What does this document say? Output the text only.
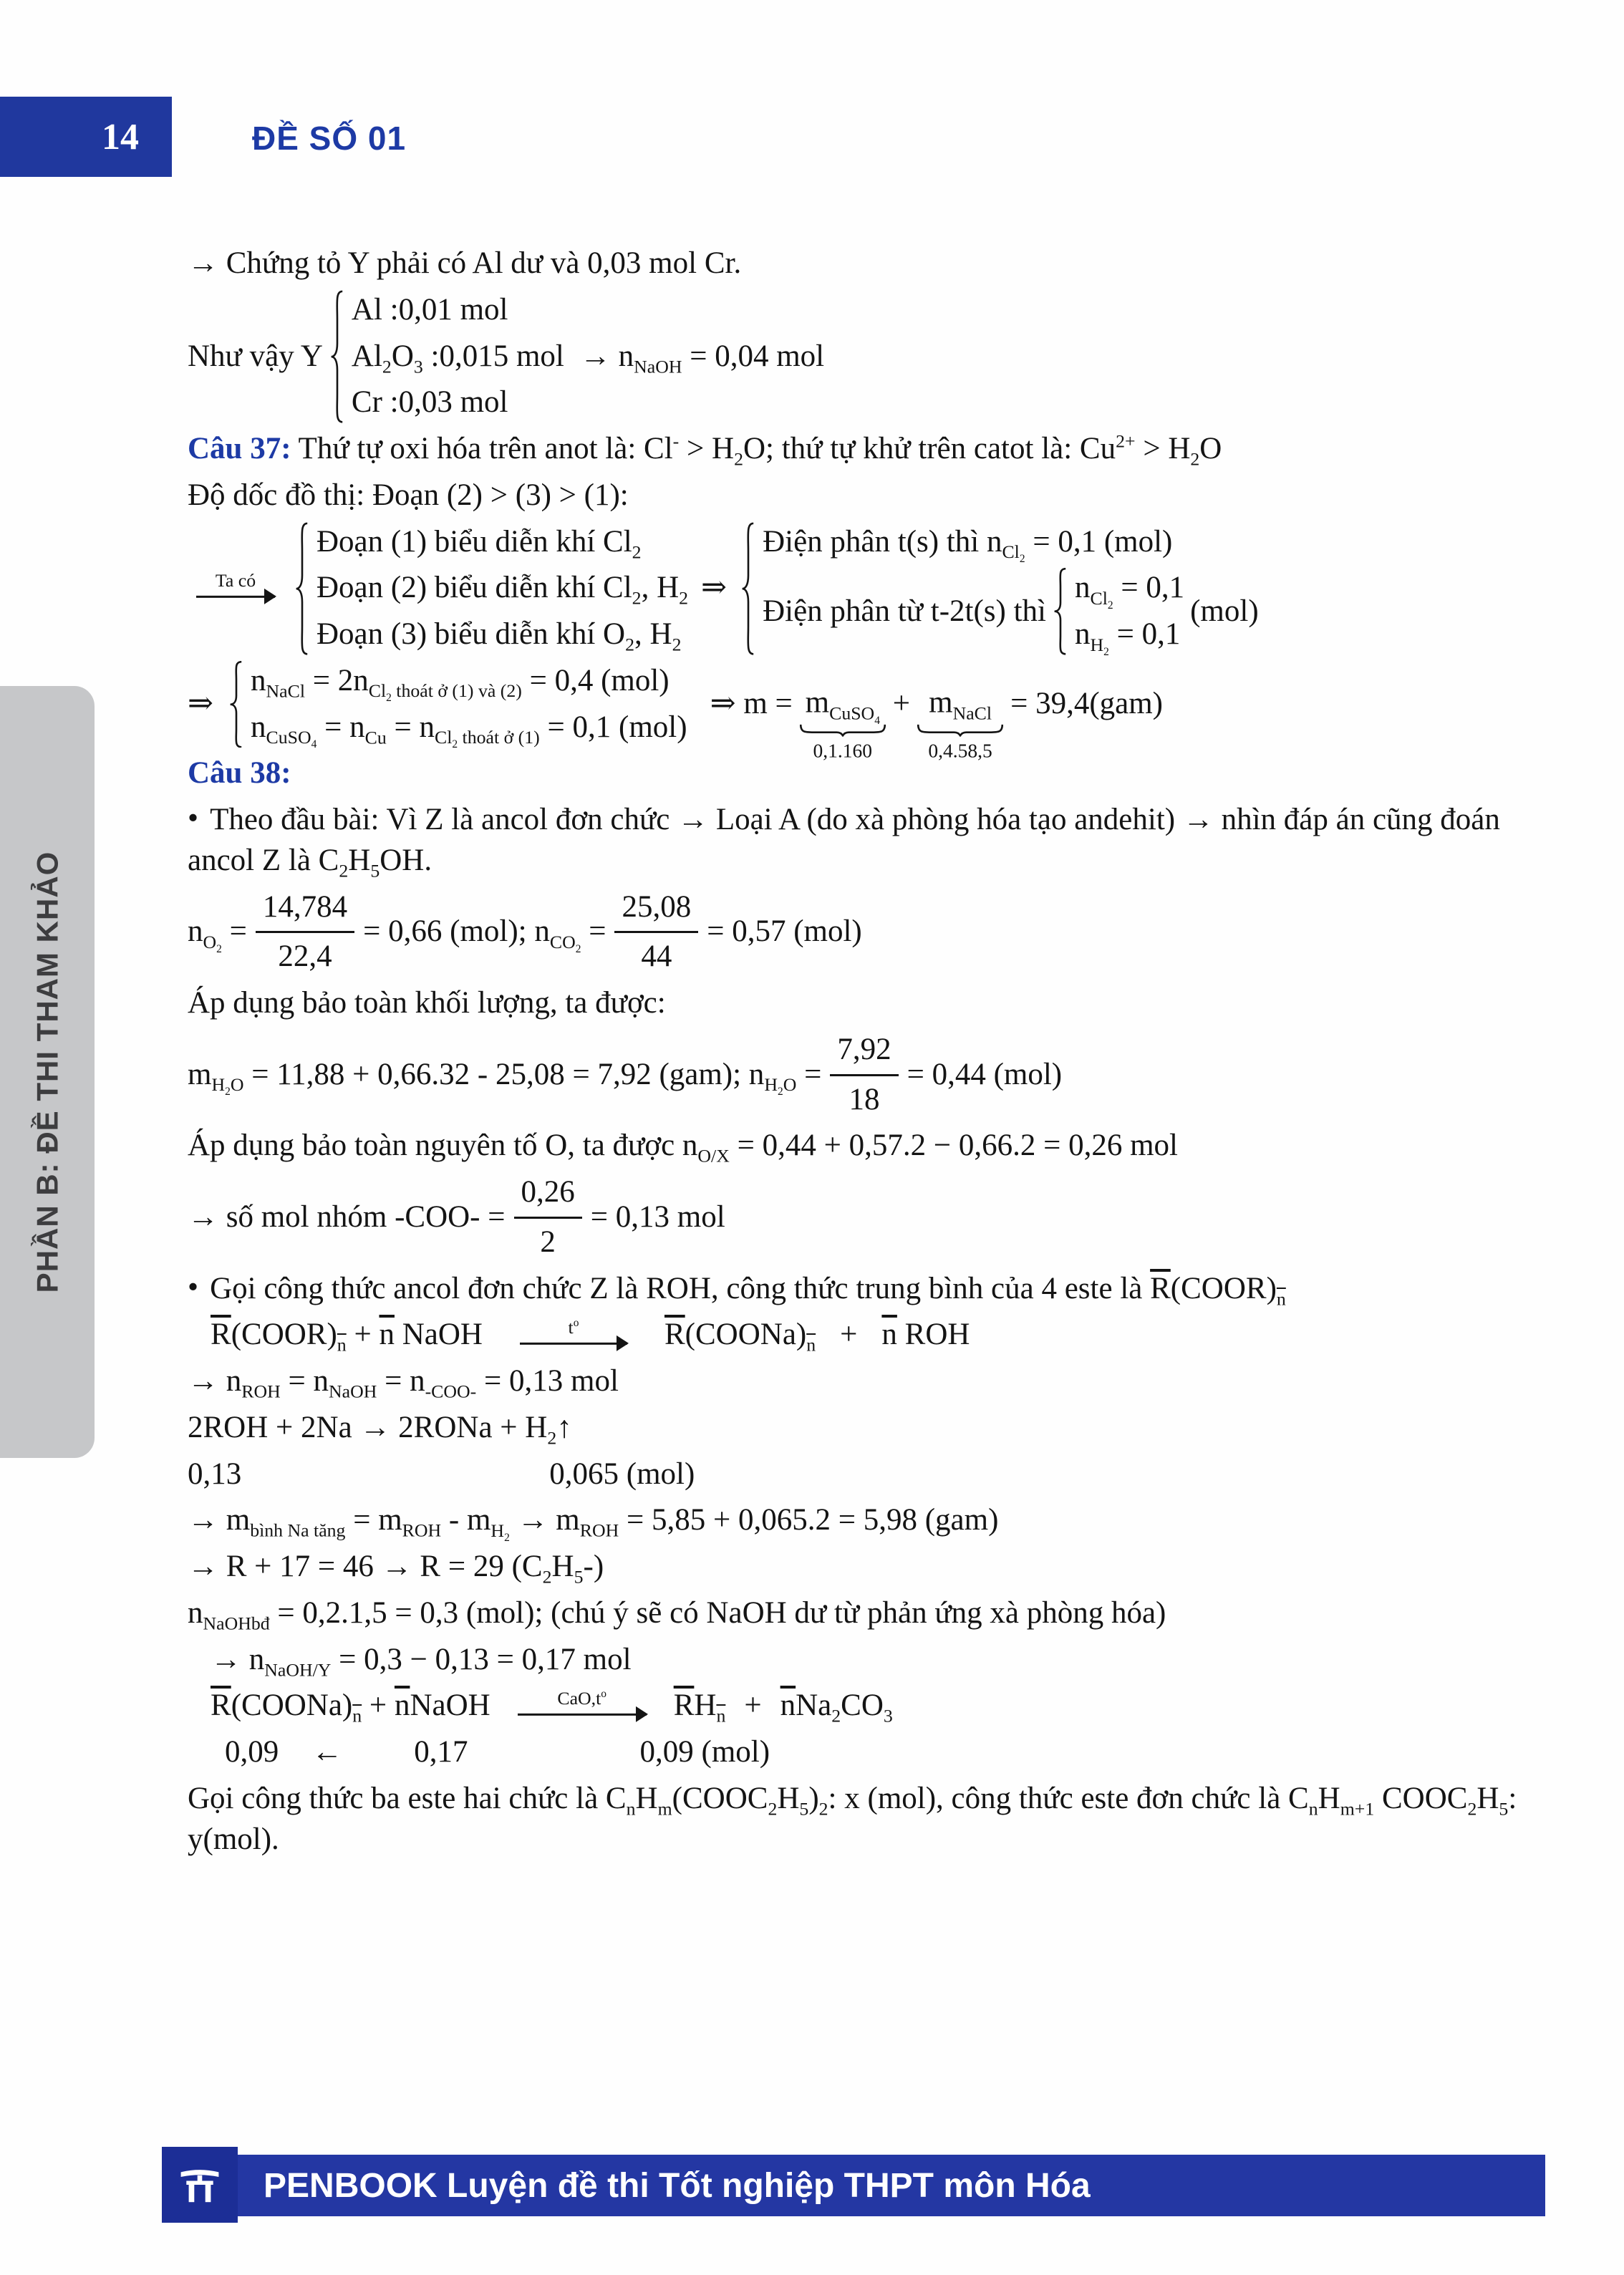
14	ĐỀ SỐ 01
PHẦN B: ĐỀ THI THAM KHẢO
→ Chứng tỏ Y phải có Al dư và 0,03 mol Cr.
Như vậy Y
Al :0,01 mol
$Al_2O_3$ :0,015 mol
Cr :0,03 mol
→ $n_{NaOH} = 0,04$ mol
Câu 37: Thứ tự oxi hóa trên anot là: $Cl^- > H_2O$; thứ tự khử trên catot là: $Cu^{2+} > H_2O$
Độ dốc đồ thị: Đoạn (2) > (3) > (1):
Ta có
Đoạn (1) biểu diễn khí $Cl_2$
Đoạn (2) biểu diễn khí $Cl_2$, $H_2$
Đoạn (3) biểu diễn khí $O_2$, $H_2$
⇒
Điện phân t(s) thì $n_{Cl_2} = 0,1$ (mol)
Điện phân từ t-2t(s) thì
$n_{Cl_2} = 0,1$
$n_{H_2} = 0,1$
(mol)
⇒
$n_{NaCl} = 2n_{Cl_2 thoát ở (1) và (2)} = 0,4$ (mol)
$n_{CuSO_4} = n_{Cu} = n_{Cl_2 thoát ở (1)} = 0,1$ (mol)
⇒ $m = m_{CuSO_4}$
0,1.160
+ $m_{NaCl}$
0,4.58,5
= 39,4(gam)
Câu 38:
• Theo đầu bài: Vì Z là ancol đơn chức → Loại A (do xà phòng hóa tạo andehit) → nhìn đáp án cũng đoán ancol Z là $C_2H_5OH$.
$n_{O_2} = \frac{14,784}{22,4} = 0,66$ (mol); $n_{CO_2} = \frac{25,08}{44} = 0,57$ (mol)
Áp dụng bảo toàn khối lượng, ta được:
$m_{H_2O} = 11,88 + 0,66.32 - 25,08 = 7,92$ (gam); $n_{H_2O} = \frac{7,92}{18} = 0,44$ (mol)
Áp dụng bảo toàn nguyên tố O, ta được $n_{O/X} = 0,44 + 0,57.2 - 0,66.2 = 0,26$ mol
→ số mol nhóm $-COO- = \frac{0,26}{2} = 0,13$ mol
• Gọi công thức ancol đơn chức Z là ROH, công thức trung bình của 4 este là $\overline{R}(COOR)_{\overline{n}}$
$\overline{R}(COOR)_{\overline{n}} + \overline{n}$ NaOH	$t^o$	$\overline{R}(COONa)_{\overline{n}} + \overline{n}$ ROH
→ $n_{ROH} = n_{NaOH} = n_{-COO-} = 0,13$ mol
2ROH + 2Na → 2RONa + $H_2↑$
0,13	0,065 (mol)
→ $m_{bình Na tăng} = m_{ROH} - m_{H_2} \to m_{ROH} = 5,85 + 0,065.2 = 5,98$ (gam)
→ R + 17 = 46 → R = 29 $(C_2H_5-)$
$n_{NaOHbđ} = 0,2.1,5 = 0,3$ (mol); (chú ý sẽ có NaOH dư từ phản ứng xà phòng hóa)
→ $n_{NaOH/Y} = 0,3 - 0,13 = 0,17$ mol
$\overline{R}(COONa)_{\overline{n}}$ + $\overline{n}NaOH$	$CaO,t^o$ $\overline{R}H_{\overline{n}} + \overline{n}Na_2CO_3$
0,09 ← 0,17	0,09 (mol)
Gọi công thức ba este hai chức là $C_nH_m(COOC_2H_5)_2$: x (mol), công thức este đơn chức là $C_nH_{m+1}$ $COOC_2H_5$: y(mol).
PENBOOK Luyện đề thi Tốt nghiệp THPT môn Hóa
